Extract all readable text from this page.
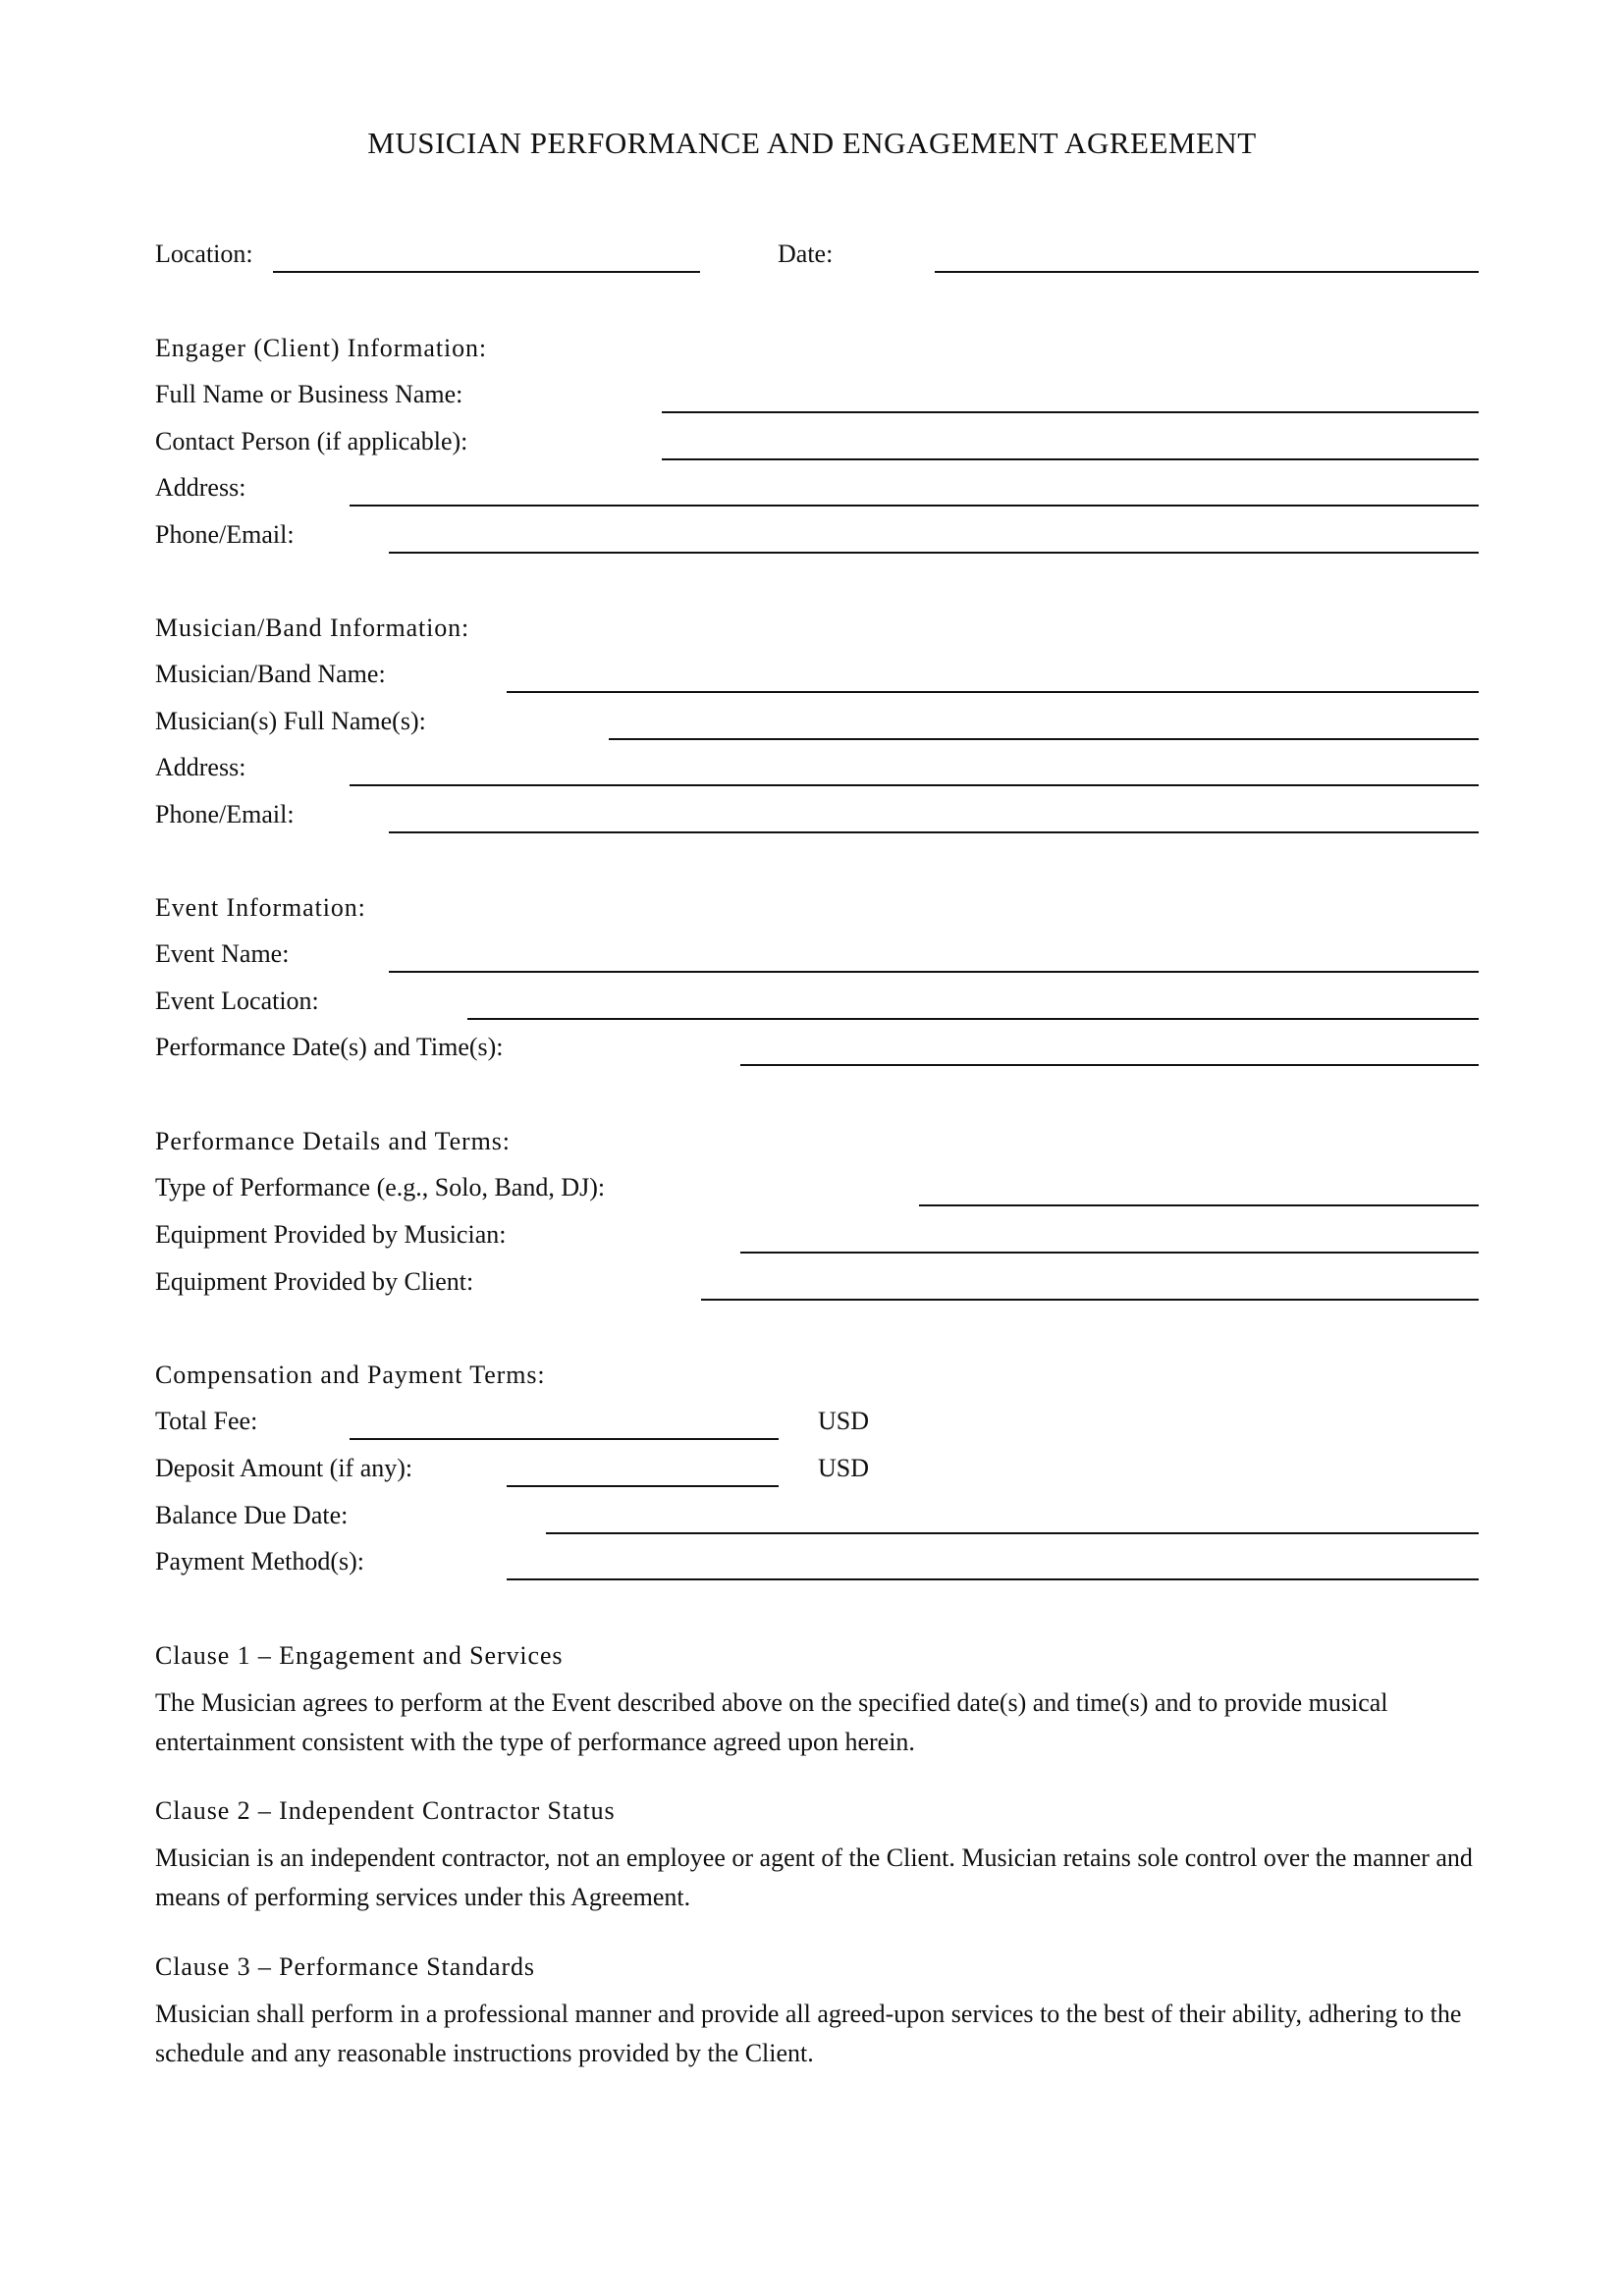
MUSICIAN PERFORMANCE AND ENGAGEMENT AGREEMENT
Location:	Date:
Engager (Client) Information:
Full Name or Business Name:
Contact Person (if applicable):
Address:
Phone/Email:
Musician/Band Information:
Musician/Band Name:
Musician(s) Full Name(s):
Address:
Phone/Email:
Event Information:
Event Name:
Event Location:
Performance Date(s) and Time(s):
Performance Details and Terms:
Type of Performance (e.g., Solo, Band, DJ):
Equipment Provided by Musician:
Equipment Provided by Client:
Compensation and Payment Terms:
Total Fee:	USD
Deposit Amount (if any):	USD
Balance Due Date:
Payment Method(s):
Clause 1 – Engagement and Services
The Musician agrees to perform at the Event described above on the specified date(s) and time(s) and to provide musical entertainment consistent with the type of performance agreed upon herein.
Clause 2 – Independent Contractor Status
Musician is an independent contractor, not an employee or agent of the Client. Musician retains sole control over the manner and means of performing services under this Agreement.
Clause 3 – Performance Standards
Musician shall perform in a professional manner and provide all agreed-upon services to the best of their ability, adhering to the schedule and any reasonable instructions provided by the Client.
